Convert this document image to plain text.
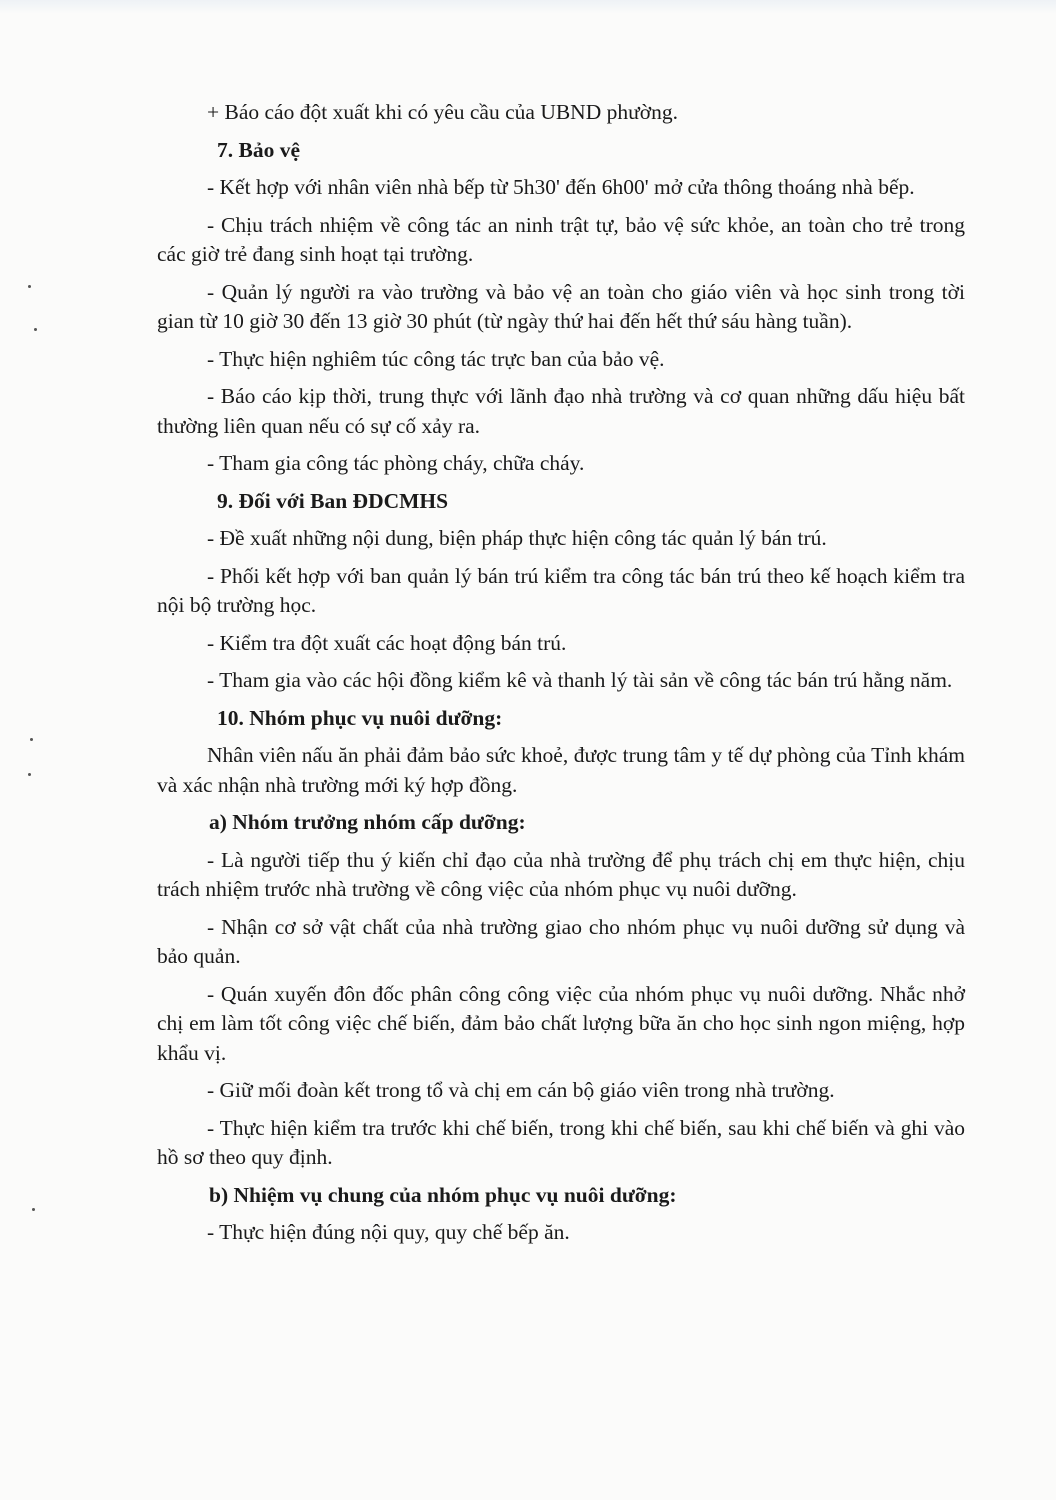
+ Báo cáo đột xuất khi có yêu cầu của UBND phường.

7. Bảo vệ

- Kết hợp với nhân viên nhà bếp từ 5h30' đến 6h00' mở cửa thông thoáng nhà bếp.

- Chịu trách nhiệm về công tác an ninh trật tự, bảo vệ sức khỏe, an toàn cho trẻ trong các giờ trẻ đang sinh hoạt tại trường.

- Quản lý người ra vào trường và bảo vệ an toàn cho giáo viên và học sinh trong tời gian từ 10 giờ 30 đến 13 giờ 30 phút (từ ngày thứ hai đến hết thứ sáu hàng tuần).

- Thực hiện nghiêm túc công tác trực ban của bảo vệ.

- Báo cáo kịp thời, trung thực với lãnh đạo nhà trường và cơ quan những dấu hiệu bất thường liên quan nếu có sự cố xảy ra.

- Tham gia công tác phòng cháy, chữa cháy.

9. Đối với Ban ĐDCMHS

- Đề xuất những nội dung, biện pháp thực hiện công tác quản lý bán trú.

- Phối kết hợp với ban quản lý bán trú kiểm tra công tác bán trú theo kế hoạch kiểm tra nội bộ trường học.

- Kiểm tra đột xuất các hoạt động bán trú.

- Tham gia vào các hội đồng kiểm kê và thanh lý tài sản về công tác bán trú hằng năm.

10. Nhóm phục vụ nuôi dưỡng:

Nhân viên nấu ăn phải đảm bảo sức khoẻ, được trung tâm y tế dự phòng của Tỉnh khám và xác nhận nhà trường mới ký hợp đồng.

a) Nhóm trưởng nhóm cấp dưỡng:

- Là người tiếp thu ý kiến chỉ đạo của nhà trường để phụ trách chị em thực hiện, chịu trách nhiệm trước nhà trường về công việc của nhóm phục vụ nuôi dưỡng.

- Nhận cơ sở vật chất của nhà trường giao cho nhóm phục vụ nuôi dưỡng sử dụng và bảo quản.

- Quán xuyến đôn đốc phân công công việc của nhóm phục vụ nuôi dưỡng. Nhắc nhở chị em làm tốt công việc chế biến, đảm bảo chất lượng bữa ăn cho học sinh ngon miệng, hợp khẩu vị.

- Giữ mối đoàn kết trong tổ và chị em cán bộ giáo viên trong nhà trường.

- Thực hiện kiểm tra trước khi chế biến, trong khi chế biến, sau khi chế biến và ghi vào hồ sơ theo quy định.

b) Nhiệm vụ chung của nhóm phục vụ nuôi dưỡng:

- Thực hiện đúng nội quy, quy chế bếp ăn.
